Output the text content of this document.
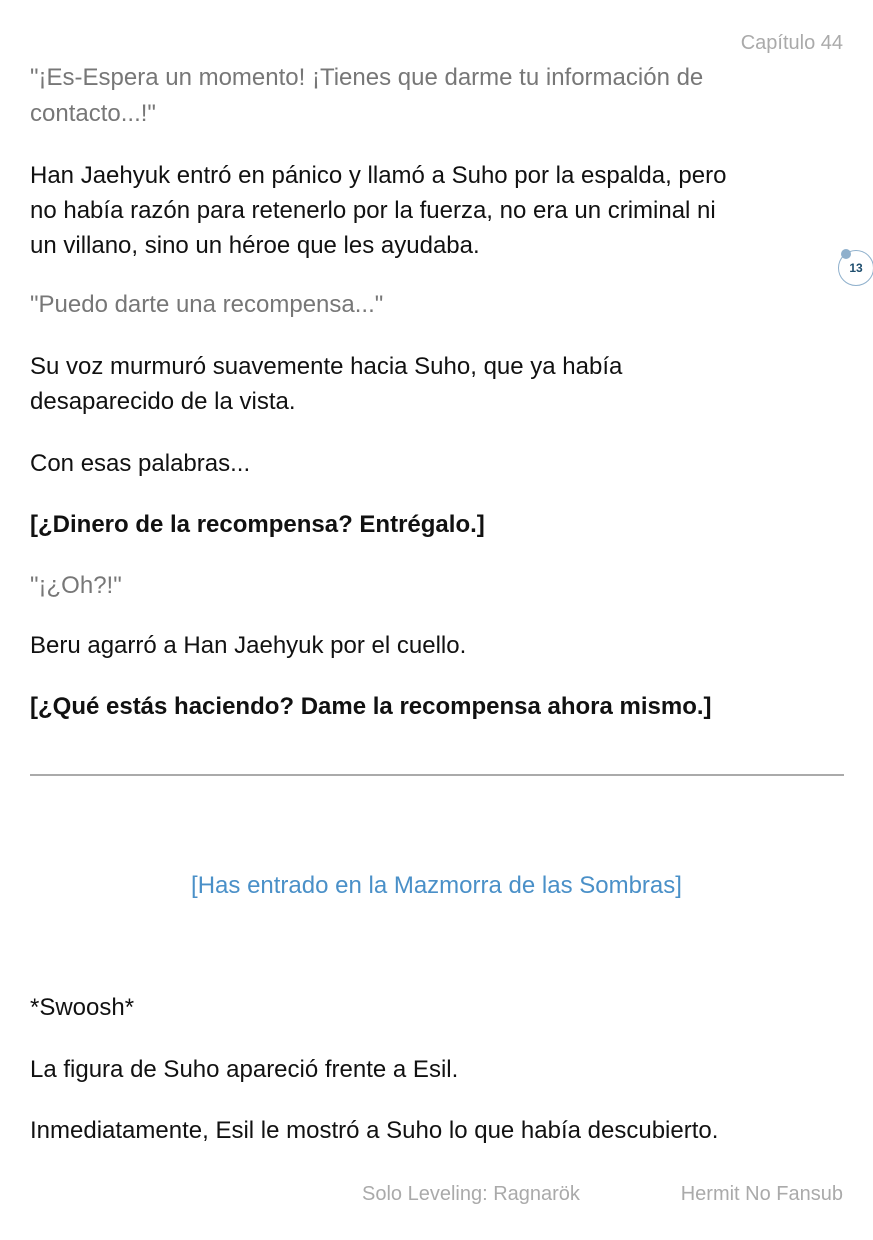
Capítulo 44
"¡Es-Espera un momento! ¡Tienes que darme tu información de
contacto...!"
Han Jaehyuk entró en pánico y llamó a Suho por la espalda, pero
no había razón para retenerlo por la fuerza, no era un criminal ni
un villano, sino un héroe que les ayudaba.
"Puedo darte una recompensa..."
Su voz murmuró suavemente hacia Suho, que ya había
desaparecido de la vista.
Con esas palabras...
[¿Dinero de la recompensa? Entrégalo.]
"¡¿Oh?!"
Beru agarró a Han Jaehyuk por el cuello.
[¿Qué estás haciendo? Dame la recompensa ahora mismo.]
[Has entrado en la Mazmorra de las Sombras]
*Swoosh*
La figura de Suho apareció frente a Esil.
Inmediatamente, Esil le mostró a Suho lo que había descubierto.
13
Solo Leveling: Ragnarök	Hermit No Fansub
